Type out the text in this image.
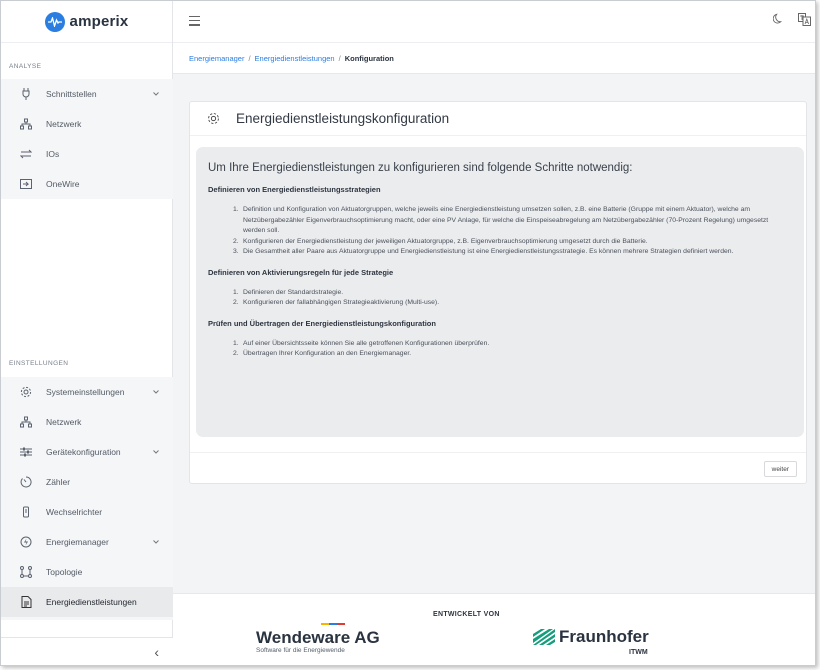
amperix
ANALYSE
Schnittstellen
Netzwerk
IOs
OneWire
EINSTELLUNGEN
Systemeinstellungen
Netzwerk
Gerätekonfiguration
Zähler
Wechselrichter
Energiemanager
Topologie
Energiedienstleistungen
‹
Energiemanager / Energiedienstleistungen / Konfiguration
Energiedienstleistungskonfiguration
Um Ihre Energiedienstleistungen zu konfigurieren sind folgende Schritte notwendig:
Definieren von Energiedienstleistungsstrategien
1. Definition und Konfiguration von Aktuatorgruppen, welche jeweils eine Energiedienstleistung umsetzen sollen, z.B. eine Batterie (Gruppe mit einem Aktuator), welche am Netzübergabezähler Eigenverbrauchsoptimierung macht, oder eine PV Anlage, für welche die Einspeiseabregelung am Netzübergabezähler (70-Prozent Regelung) umgesetzt werden soll.
2. Konfigurieren der Energiedienstleistung der jeweiligen Aktuatorgruppe, z.B. Eigenverbrauchsoptimierung umgesetzt durch die Batterie.
3. Die Gesamtheit aller Paare aus Aktuatorgruppe und Energiedienstleistung ist eine Energiedienstleistungsstrategie. Es können mehrere Strategien definiert werden.
Definieren von Aktivierungsregeln für jede Strategie
1. Definieren der Standardstrategie.
2. Konfigurieren der fallabhängigen Strategieaktivierung (Multi-use).
Prüfen und Übertragen der Energiedienstleistungskonfiguration
1. Auf einer Übersichtsseite können Sie alle getroffenen Konfigurationen überprüfen.
2. Übertragen Ihrer Konfiguration an den Energiemanager.
weiter
ENTWICKELT VON
Wendeware AG
Software für die Energiewende
Fraunhofer
ITWM
